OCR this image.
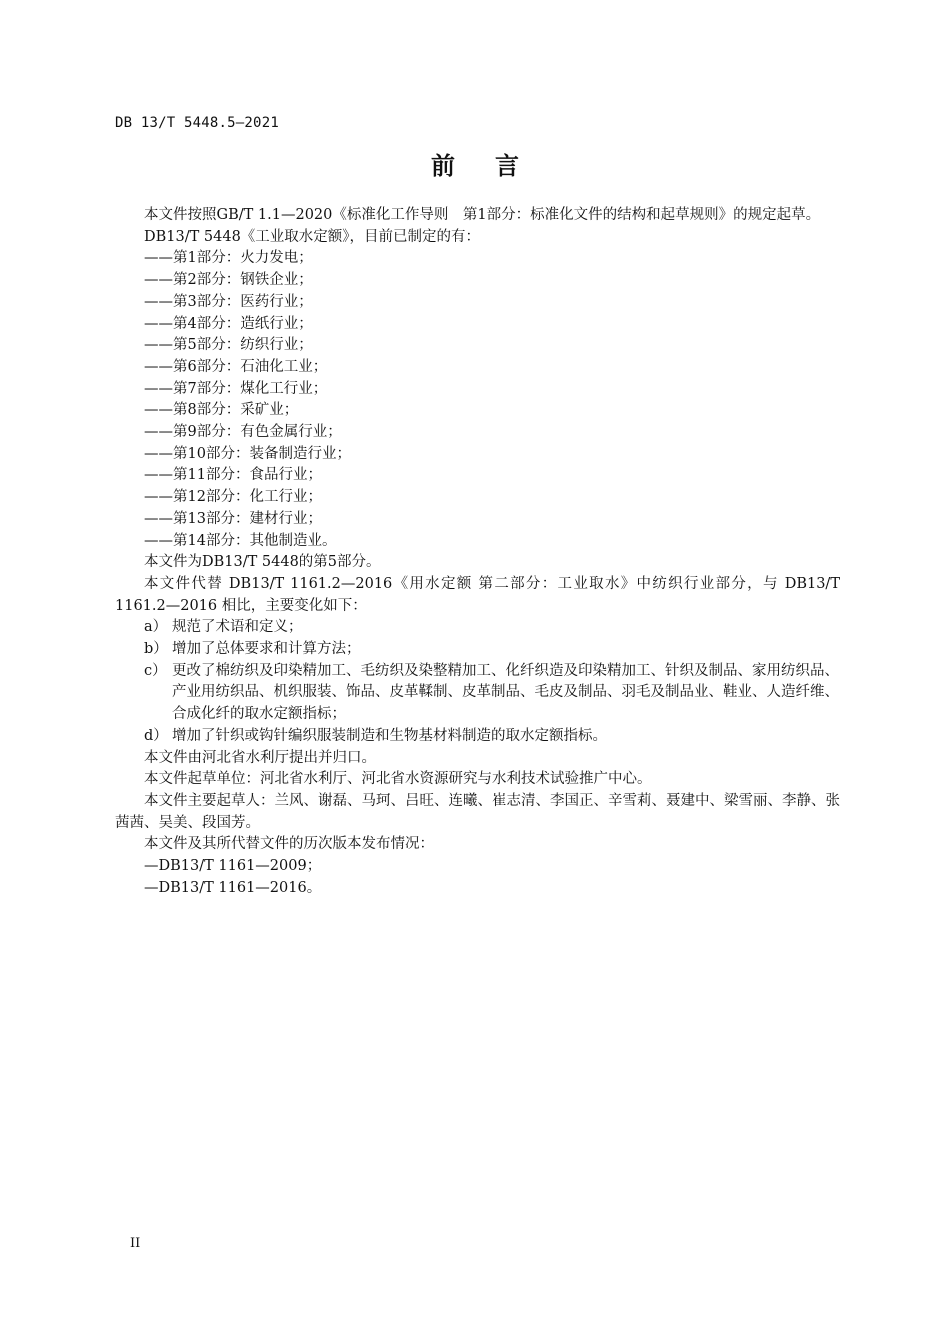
DB 13/T 5448.5—2021
前言

本文件按照GB/T 1.1—2020《标准化工作导则　第1部分：标准化文件的结构和起草规则》的规定起草。

DB13/T 5448《工业取水定额》，目前已制定的有：

——第1部分：火力发电；

——第2部分：钢铁企业；

——第3部分：医药行业；

——第4部分：造纸行业；

——第5部分：纺织行业；

——第6部分：石油化工业；

——第7部分：煤化工行业；

——第8部分：采矿业；

——第9部分：有色金属行业；

——第10部分：装备制造行业；

——第11部分：食品行业；

——第12部分：化工行业；

——第13部分：建材行业；

——第14部分：其他制造业。

本文件为DB13/T 5448的第5部分。

本文件代替 DB13/T 1161.2—2016《用水定额 第二部分：工业取水》中纺织行业部分，与 DB13/T 1161.2—2016 相比，主要变化如下：

a） 规范了术语和定义；
b） 增加了总体要求和计算方法；
c） 更改了棉纺织及印染精加工、毛纺织及染整精加工、化纤织造及印染精加工、针织及制品、家用纺织品、产业用纺织品、机织服装、饰品、皮革鞣制、皮革制品、毛皮及制品、羽毛及制品业、鞋业、人造纤维、合成化纤的取水定额指标；
d） 增加了针织或钩针编织服装制造和生物基材料制造的取水定额指标。

本文件由河北省水利厅提出并归口。

本文件起草单位：河北省水利厅、河北省水资源研究与水利技术试验推广中心。

本文件主要起草人：兰风、谢磊、马珂、吕旺、连曦、崔志清、李国正、辛雪莉、聂建中、梁雪丽、李静、张茜茜、吴美、段国芳。

本文件及其所代替文件的历次版本发布情况：

—DB13/T 1161—2009；

—DB13/T 1161—2016。

II
